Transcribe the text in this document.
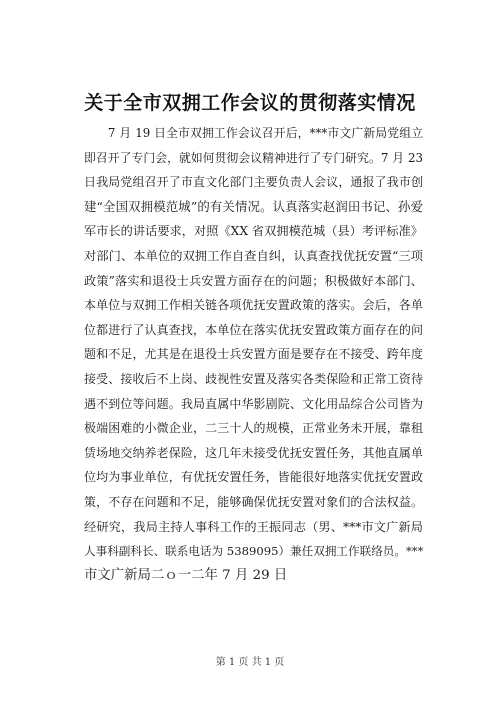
关于全市双拥工作会议的贯彻落实情况
　　7 月 19 日全市双拥工作会议召开后，***市文广新局党组立
即召开了专门会，就如何贯彻会议精神进行了专门研究。7 月 23
日我局党组召开了市直文化部门主要负责人会议，通报了我市创
建“全国双拥模范城”的有关情况。认真落实赵润田书记、孙爱
军市长的讲话要求，对照《XX 省双拥模范城（县）考评标准》
对部门、本单位的双拥工作自查自纠，认真查找优抚安置“三项
政策”落实和退役士兵安置方面存在的问题；积极做好本部门、
本单位与双拥工作相关链各项优抚安置政策的落实。会后，各单
位都进行了认真查找，本单位在落实优抚安置政策方面存在的问
题和不足，尤其是在退役士兵安置方面是要存在不接受、跨年度
接受、接收后不上岗、歧视性安置及落实各类保险和正常工资待
遇不到位等问题。我局直属中华影剧院、文化用品综合公司皆为
极端困难的小微企业，二三十人的规模，正常业务未开展，靠租
赁场地交纳养老保险，这几年未接受优抚安置任务，其他直属单
位均为事业单位，有优抚安置任务，皆能很好地落实优抚安置政
策，不存在问题和不足，能够确保优抚安置对象们的合法权益。
经研究，我局主持人事科工作的王振同志（男、***市文广新局
人事科副科长、联系电话为 5389095）兼任双拥工作联络员。***
市文广新局二ｏ一二年 7 月 29 日
第 1 页 共 1 页
